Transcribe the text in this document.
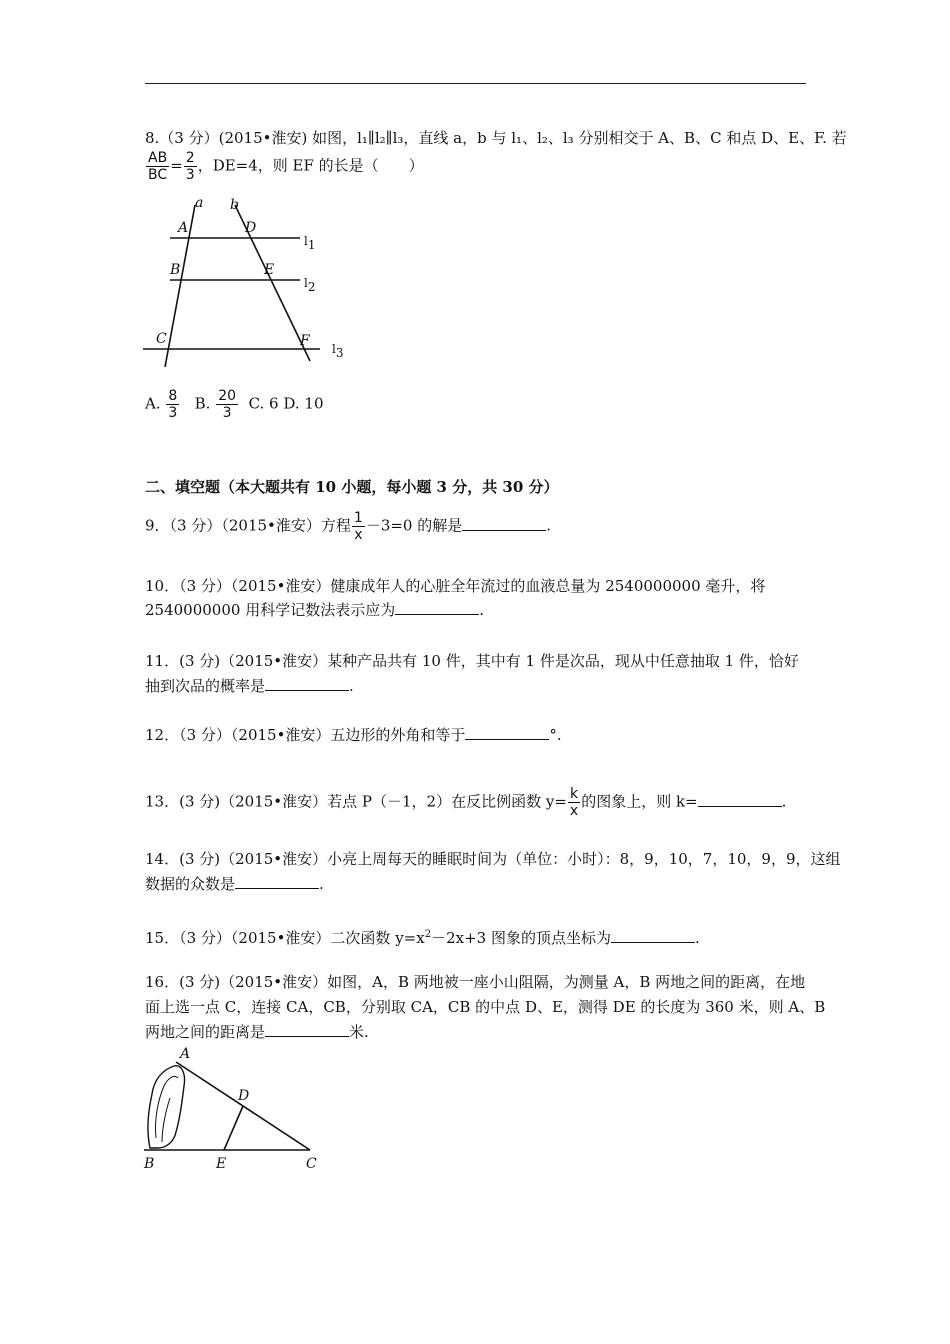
8.（3 分）(2015•淮安) 如图，l₁∥l₂∥l₃，直线 a，b 与 l₁、l₂、l₃ 分别相交于 A、B、C 和点 D、E、F. 若
$\frac{AB}{BC} = \frac{2}{3}$ ，DE=4，则 EF 的长是（　　）
a b
A	D
B	E
C	F
l1
l2
l3
A. $\frac{8}{3} B$. $\frac{20}{3} C$. 6 D. 10
二、填空题（本大题共有 10 小题，每小题 3 分，共 30 分）
9．（3 分）（2015•淮安）方程 $\frac{1}{x} -3=0$ 的解是	.
10．（3 分）（2015•淮安）健康成年人的心脏全年流过的血液总量为 2540000000 毫升，将
2540000000 用科学记数法表示应为	.
11．(3 分)（2015•淮安）某种产品共有 10 件，其中有 1 件是次品，现从中任意抽取 1 件，恰好
抽到次品的概率是	.
12．（3 分）（2015•淮安）五边形的外角和等于	°.
13．(3 分)（2015•淮安）若点 P（－1，2）在反比例函数 $y= \frac{k}{x}$ 的图象上，则 k=	.
14．(3 分)（2015•淮安）小亮上周每天的睡眠时间为（单位：小时）：8，9，10，7，10，9，9，这组
数据的众数是	.
15．（3 分）（2015•淮安）二次函数 $y=x^2-2x+3$ 图象的顶点坐标为	.
16．(3 分)（2015•淮安）如图，A，B 两地被一座小山阻隔，为测量 A，B 两地之间的距离，在地
面上选一点 C，连接 CA，CB，分别取 CA，CB 的中点 D、E，测得 DE 的长度为 360 米，则 A、B
两地之间的距离是	米.
A
D
B	E	C
